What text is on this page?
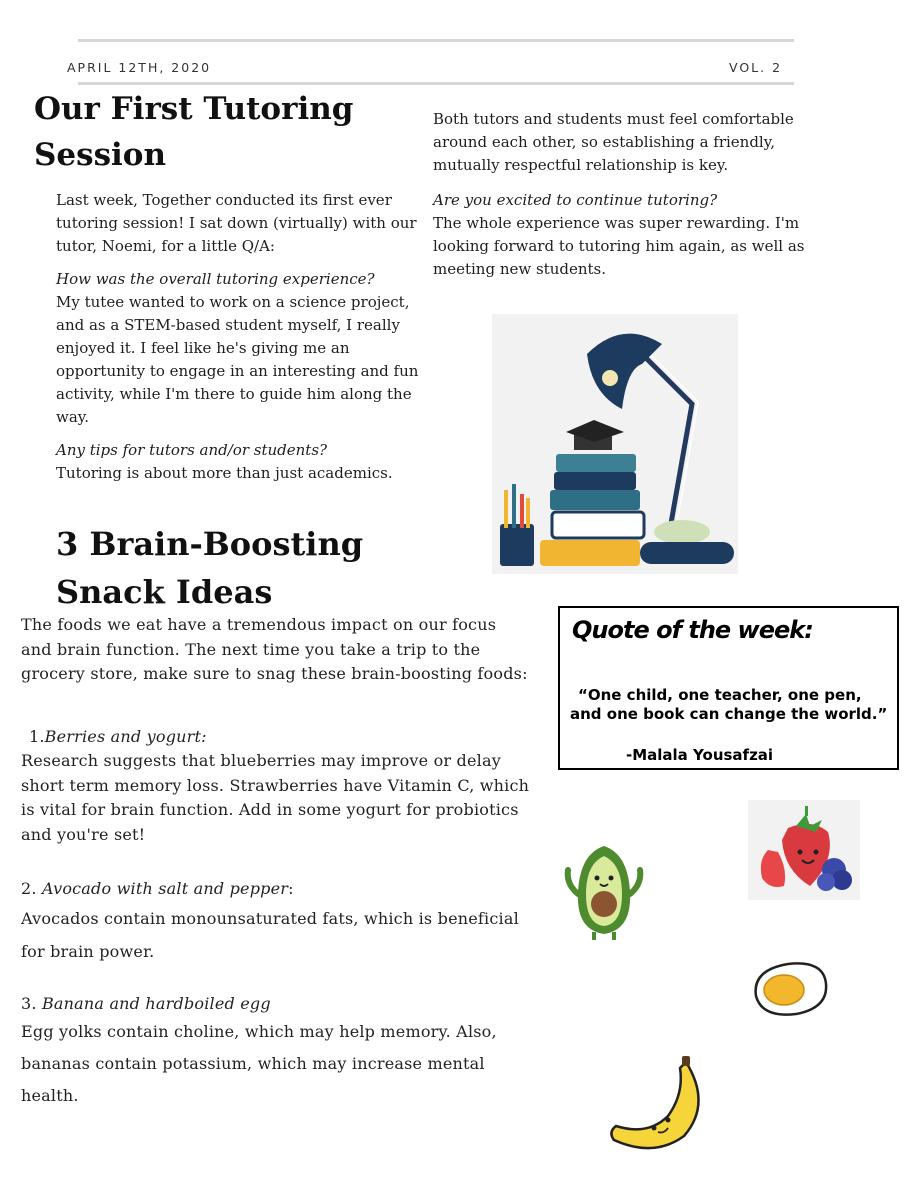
APRIL 12TH, 2020	VOL. 2

Our First Tutoring

Session

Last week, Together conducted its first ever tutoring session! I sat down (virtually) with our tutor, Noemi, for a little Q/A:

How was the overall tutoring experience?

My tutee wanted to work on a science project, and as a STEM-based student myself, I really enjoyed it. I feel like he's giving me an opportunity to engage in an interesting and fun activity, while I'm there to guide him along the way.

Any tips for tutors and/or students?

Tutoring is about more than just academics.

Both tutors and students must feel comfortable around each other, so establishing a friendly, mutually respectful relationship is key.

Are you excited to continue tutoring?

The whole experience was super rewarding. I'm looking forward to tutoring him again, as well as meeting new students.

3 Brain-Boosting

Snack Ideas

The foods we eat have a tremendous impact on our focus and brain function. The next time you take a trip to the grocery store, make sure to snag these brain-boosting foods:

1.Berries and yogurt:

Research suggests that blueberries may improve or delay short term memory loss. Strawberries have Vitamin C, which is vital for brain function. Add in some yogurt for probiotics and you're set!

2. Avocado with salt and pepper:

Avocados contain monounsaturated fats, which is beneficial for brain power.

3. Banana and hardboiled egg

Egg yolks contain choline, which may help memory. Also, bananas contain potassium, which may increase mental health.

Quote of the week:

“One child, one teacher, one pen, and one book can change the world.”

-Malala Yousafzai
